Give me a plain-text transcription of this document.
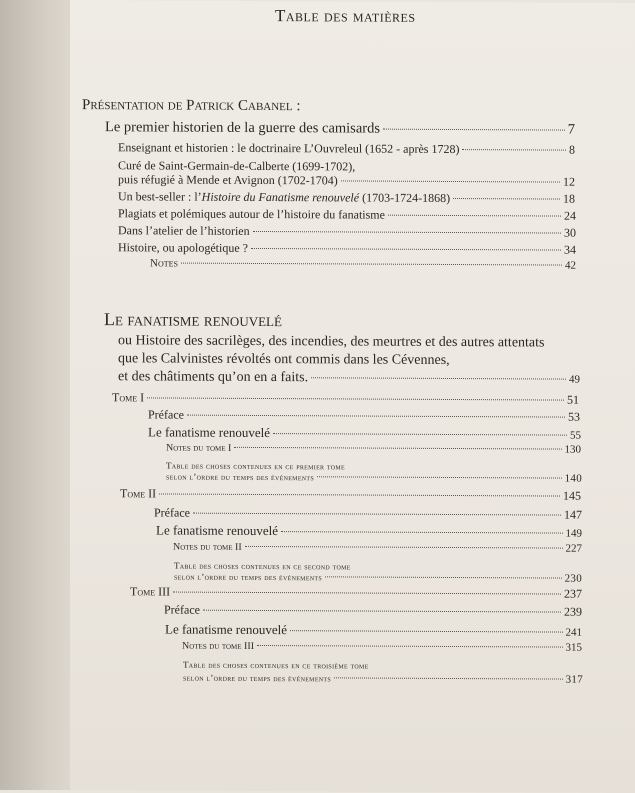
Table des matières
Présentation de Patrick Cabanel :
Le premier historien de la guerre des camisards	7
Enseignant et historien : le doctrinaire L’Ouvreleul (1652 - après 1728)	8
Curé de Saint-Germain-de-Calberte (1699-1702),
puis réfugié à Mende et Avignon (1702-1704)	12
Un best-seller : l’Histoire du Fanatisme renouvelé (1703-1724-1868)	18
Plagiats et polémiques autour de l’histoire du fanatisme	24
Dans l’atelier de l’historien	30
Histoire, ou apologétique ?	34
Notes	42
Le fanatisme renouvelé
ou Histoire des sacrilèges, des incendies, des meurtres et des autres attentats
que les Calvinistes révoltés ont commis dans les Cévennes,
et des châtiments qu’on en a faits.	49
Tome I	51
Préface	53
Le fanatisme renouvelé	55
Notes du tome I	130
Table des choses contenues en ce premier tome
selon l’ordre du temps des événements	140
Tome II	145
Préface	147
Le fanatisme renouvelé	149
Notes du tome II	227
Table des choses contenues en ce second tome
selon l’ordre du temps des événements	230
Tome III	237
Préface	239
Le fanatisme renouvelé	241
Notes du tome III	315
Table des choses contenues en ce troisième tome
selon l’ordre du temps des événements	317
